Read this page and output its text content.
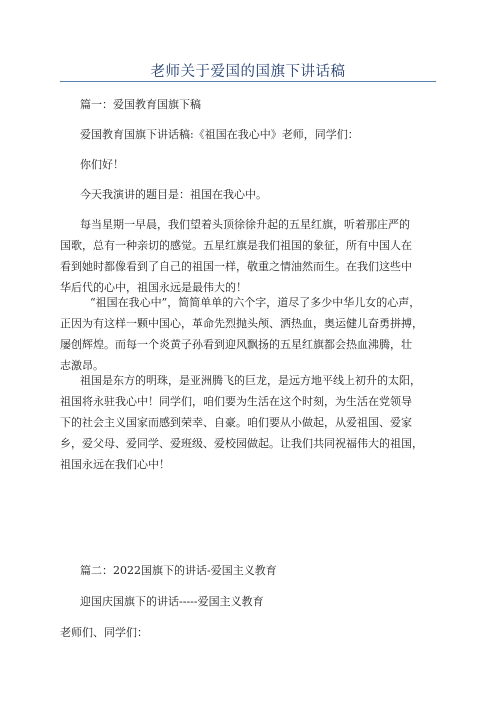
老师关于爱国的国旗下讲话稿
篇一：爱国教育国旗下稿
爱国教育国旗下讲话稿:《祖国在我心中》老师，同学们：
你们好！
今天我演讲的题目是：祖国在我心中。
每当星期一早晨，我们望着头顶徐徐升起的五星红旗，听着那庄严的
国歌，总有一种亲切的感觉。五星红旗是我们祖国的象征，所有中国人在
看到她时都像看到了自己的祖国一样，敬重之情油然而生。在我们这些中
华后代的心中，祖国永远是最伟大的！
“祖国在我心中”，简简单单的六个字，道尽了多少中华儿女的心声，
正因为有这样一颗中国心，革命先烈抛头颅、洒热血，奥运健儿奋勇拼搏，
屡创辉煌。而每一个炎黄子孙看到迎风飘扬的五星红旗都会热血沸腾，壮
志激昂。
祖国是东方的明珠，是亚洲腾飞的巨龙，是远方地平线上初升的太阳，
祖国将永驻我心中！同学们，咱们要为生活在这个时刻，为生活在党领导
下的社会主义国家而感到荣幸、自豪。咱们要从小做起，从爱祖国、爱家
乡，爱父母、爱同学、爱班级、爱校园做起。让我们共同祝福伟大的祖国，
祖国永远在我们心中！
篇二：2022国旗下的讲话-爱国主义教育
迎国庆国旗下的讲话-----爱国主义教育
老师们、同学们：
